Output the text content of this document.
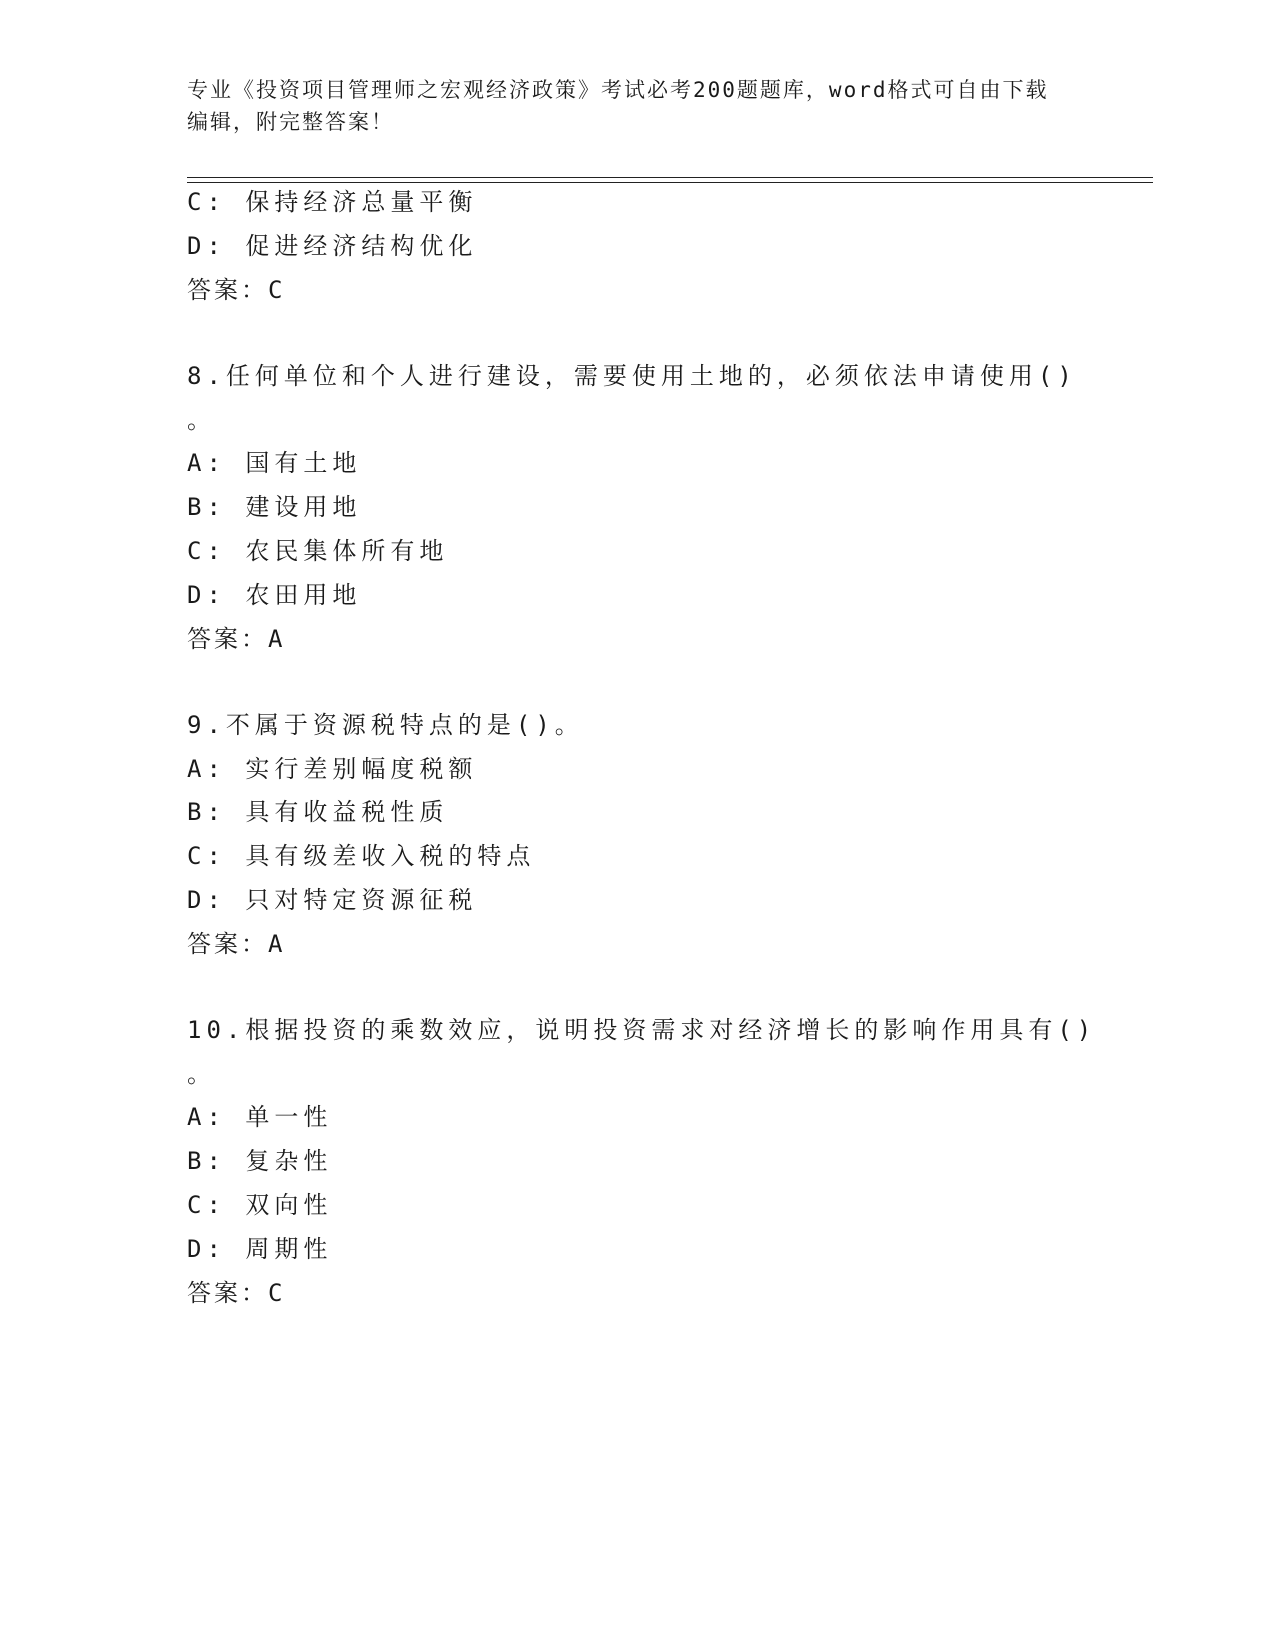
专业《投资项目管理师之宏观经济政策》考试必考200题题库，word格式可自由下载编辑，附完整答案！
C: 保持经济总量平衡
D: 促进经济结构优化
答案：C
8.任何单位和个人进行建设，需要使用土地的，必须依法申请使用()
。
A: 国有土地
B: 建设用地
C: 农民集体所有地
D: 农田用地
答案：A
9.不属于资源税特点的是()。
A: 实行差别幅度税额
B: 具有收益税性质
C: 具有级差收入税的特点
D: 只对特定资源征税
答案：A
10.根据投资的乘数效应，说明投资需求对经济增长的影响作用具有()
。
A: 单一性
B: 复杂性
C: 双向性
D: 周期性
答案：C
